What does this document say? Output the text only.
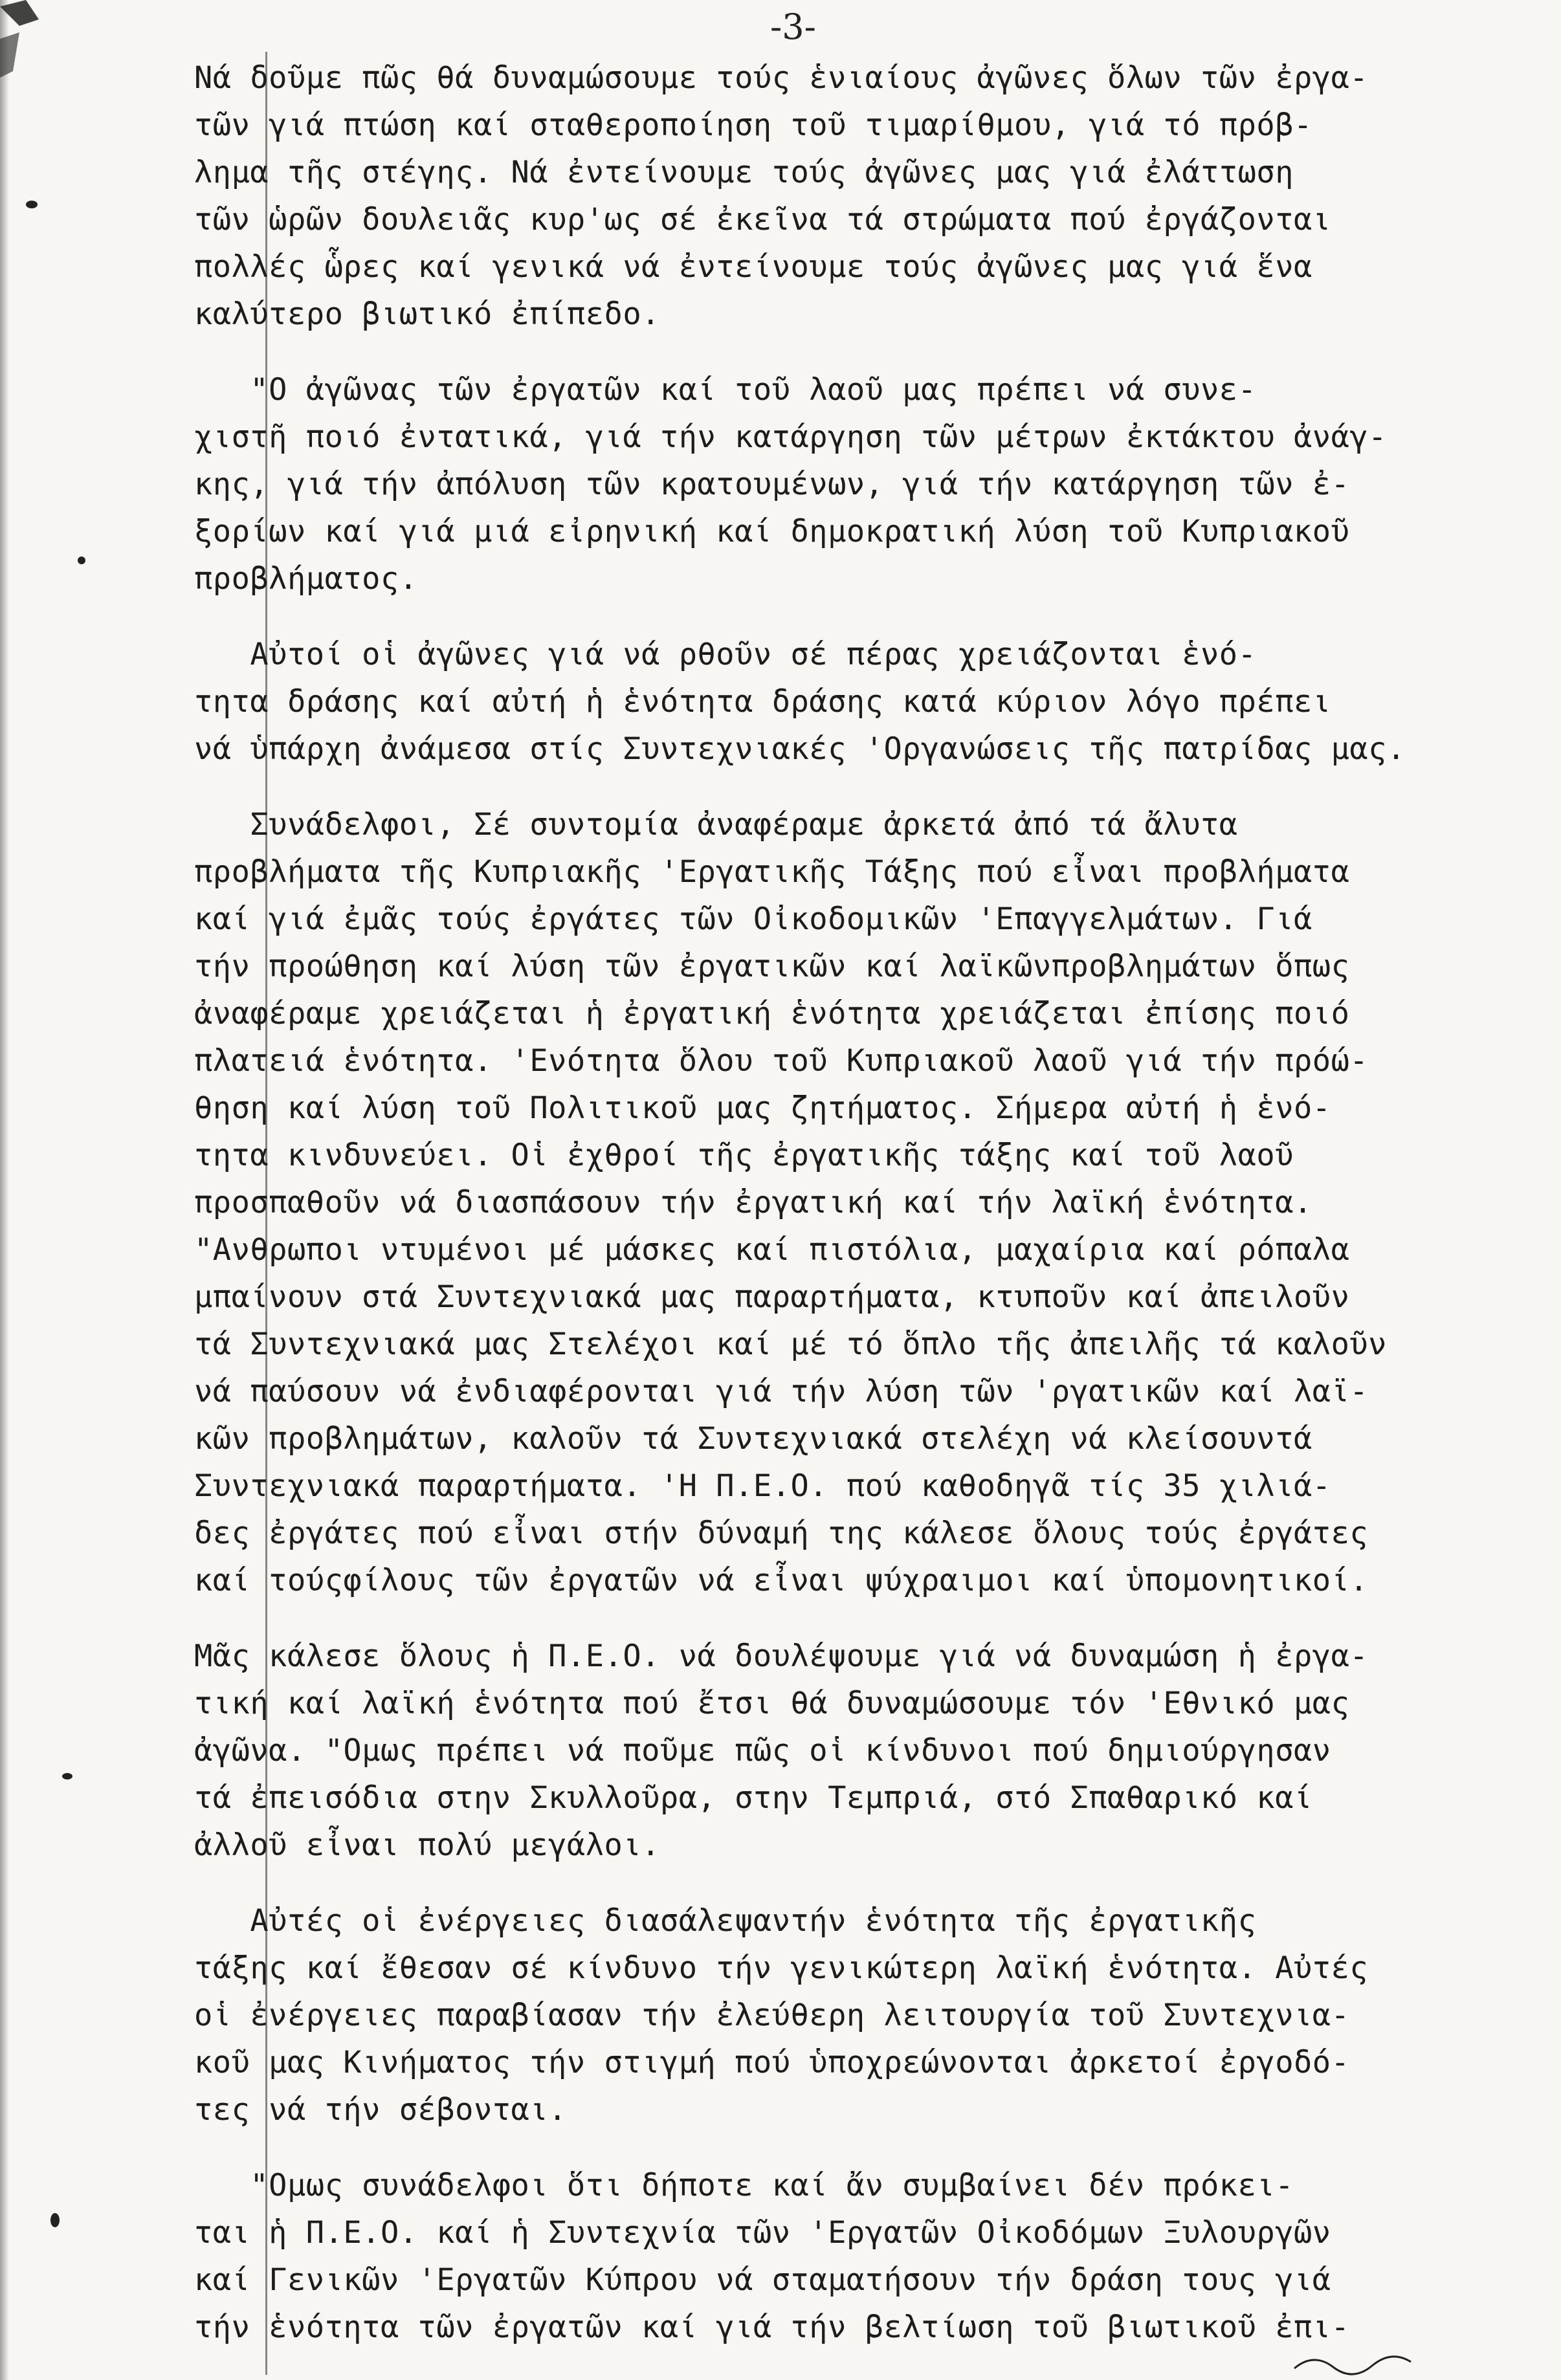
-3-
Νά δοῦμε πῶς θά δυναμώσουμε τούς ἑνιαίους ἀγῶνες ὅλων τῶν ἐργα-
τῶν γιά πτώση καί σταθεροποίηση τοῦ τιμαρίθμου, γιά τό πρόβ-
λημα τῆς στέγης. Νά ἐντείνουμε τούς ἀγῶνες μας γιά ἐλάττωση
τῶν ὡρῶν δουλειᾶς κυρ'ως σέ ἐκεῖνα τά στρώματα πού ἐργάζονται
πολλές ὧρες καί γενικά νά ἐντείνουμε τούς ἀγῶνες μας γιά ἕνα
καλύτερο βιωτικό ἐπίπεδο.
"Ο ἀγῶνας τῶν ἐργατῶν καί τοῦ λαοῦ μας πρέπει νά συνε-
χιστῆ ποιό ἐντατικά, γιά τήν κατάργηση τῶν μέτρων ἐκτάκτου ἀνάγ-
κης, γιά τήν ἀπόλυση τῶν κρατουμένων, γιά τήν κατάργηση τῶν ἐ-
ξορίων καί γιά μιά εἰρηνική καί δημοκρατική λύση τοῦ Κυπριακοῦ
προβλήματος.
Αὐτοί οἱ ἀγῶνες γιά νά ρθοῦν σέ πέρας χρειάζονται ἑνό-
τητα δράσης καί αὐτή ἡ ἑνότητα δράσης κατά κύριον λόγο πρέπει
νά ὑπάρχη ἀνάμεσα στίς Συντεχνιακές 'Οργανώσεις τῆς πατρίδας μας.
Συνάδελφοι, Σέ συντομία ἀναφέραμε ἀρκετά ἀπό τά ἄλυτα
προβλήματα τῆς Κυπριακῆς 'Εργατικῆς Τάξης πού εἶναι προβλήματα
καί γιά ἐμᾶς τούς ἐργάτες τῶν Οἰκοδομικῶν 'Επαγγελμάτων. Γιά
τήν προώθηση καί λύση τῶν ἐργατικῶν καί λαϊκῶνπροβλημάτων ὅπως
ἀναφέραμε χρειάζεται ἡ ἐργατική ἑνότητα χρειάζεται ἐπίσης ποιό
πλατειά ἑνότητα. 'Ενότητα ὅλου τοῦ Κυπριακοῦ λαοῦ γιά τήν πρόώ-
θηση καί λύση τοῦ Πολιτικοῦ μας ζητήματος. Σήμερα αὐτή ἡ ἑνό-
τητα κινδυνεύει. Οἱ ἐχθροί τῆς ἐργατικῆς τάξης καί τοῦ λαοῦ
προσπαθοῦν νά διασπάσουν τήν ἐργατική καί τήν λαϊκή ἑνότητα.
"Ανθρωποι ντυμένοι μέ μάσκες καί πιστόλια, μαχαίρια καί ρόπαλα
μπαίνουν στά Συντεχνιακά μας παραρτήματα, κτυποῦν καί ἀπειλοῦν
τά Συντεχνιακά μας Στελέχοι καί μέ τό ὅπλο τῆς ἀπειλῆς τά καλοῦν
νά παύσουν νά ἐνδιαφέρονται γιά τήν λύση τῶν 'ργατικῶν καί λαϊ-
κῶν προβλημάτων, καλοῦν τά Συντεχνιακά στελέχη νά κλείσουντά
Συντεχνιακά παραρτήματα. 'Η Π.Ε.Ο. πού καθοδηγᾶ τίς 35 χιλιά-
δες ἐργάτες πού εἶναι στήν δύναμή της κάλεσε ὅλους τούς ἐργάτες
καί τούςφίλους τῶν ἐργατῶν νά εἶναι ψύχραιμοι καί ὑπομονητικοί.
Μᾶς κάλεσε ὅλους ἡ Π.Ε.Ο. νά δουλέψουμε γιά νά δυναμώση ἡ ἐργα-
τική καί λαϊκή ἑνότητα πού ἔτσι θά δυναμώσουμε τόν 'Εθνικό μας
ἀγῶνα. "Ομως πρέπει νά ποῦμε πῶς οἱ κίνδυνοι πού δημιούργησαν
τά ἐπεισόδια στην Σκυλλοῦρα, στην Τεμπριά, στό Σπαθαρικό καί
ἀλλοῦ εἶναι πολύ μεγάλοι.
Αὐτές οἱ ἐνέργειες διασάλεψαντήν ἑνότητα τῆς ἐργατικῆς
τάξης καί ἔθεσαν σέ κίνδυνο τήν γενικώτερη λαϊκή ἑνότητα. Αὐτές
οἱ ἐνέργειες παραβίασαν τήν ἐλεύθερη λειτουργία τοῦ Συντεχνια-
κοῦ μας Κινήματος τήν στιγμή πού ὑποχρεώνονται ἀρκετοί ἐργοδό-
τες νά τήν σέβονται.
"Ομως συνάδελφοι ὅτι δήποτε καί ἄν συμβαίνει δέν πρόκει-
ται ἡ Π.Ε.Ο. καί ἡ Συντεχνία τῶν 'Εργατῶν Οἰκοδόμων Ξυλουργῶν
καί Γενικῶν 'Εργατῶν Κύπρου νά σταματήσουν τήν δράση τους γιά
τήν ἑνότητα τῶν ἐργατῶν καί γιά τήν βελτίωση τοῦ βιωτικοῦ ἐπι-
